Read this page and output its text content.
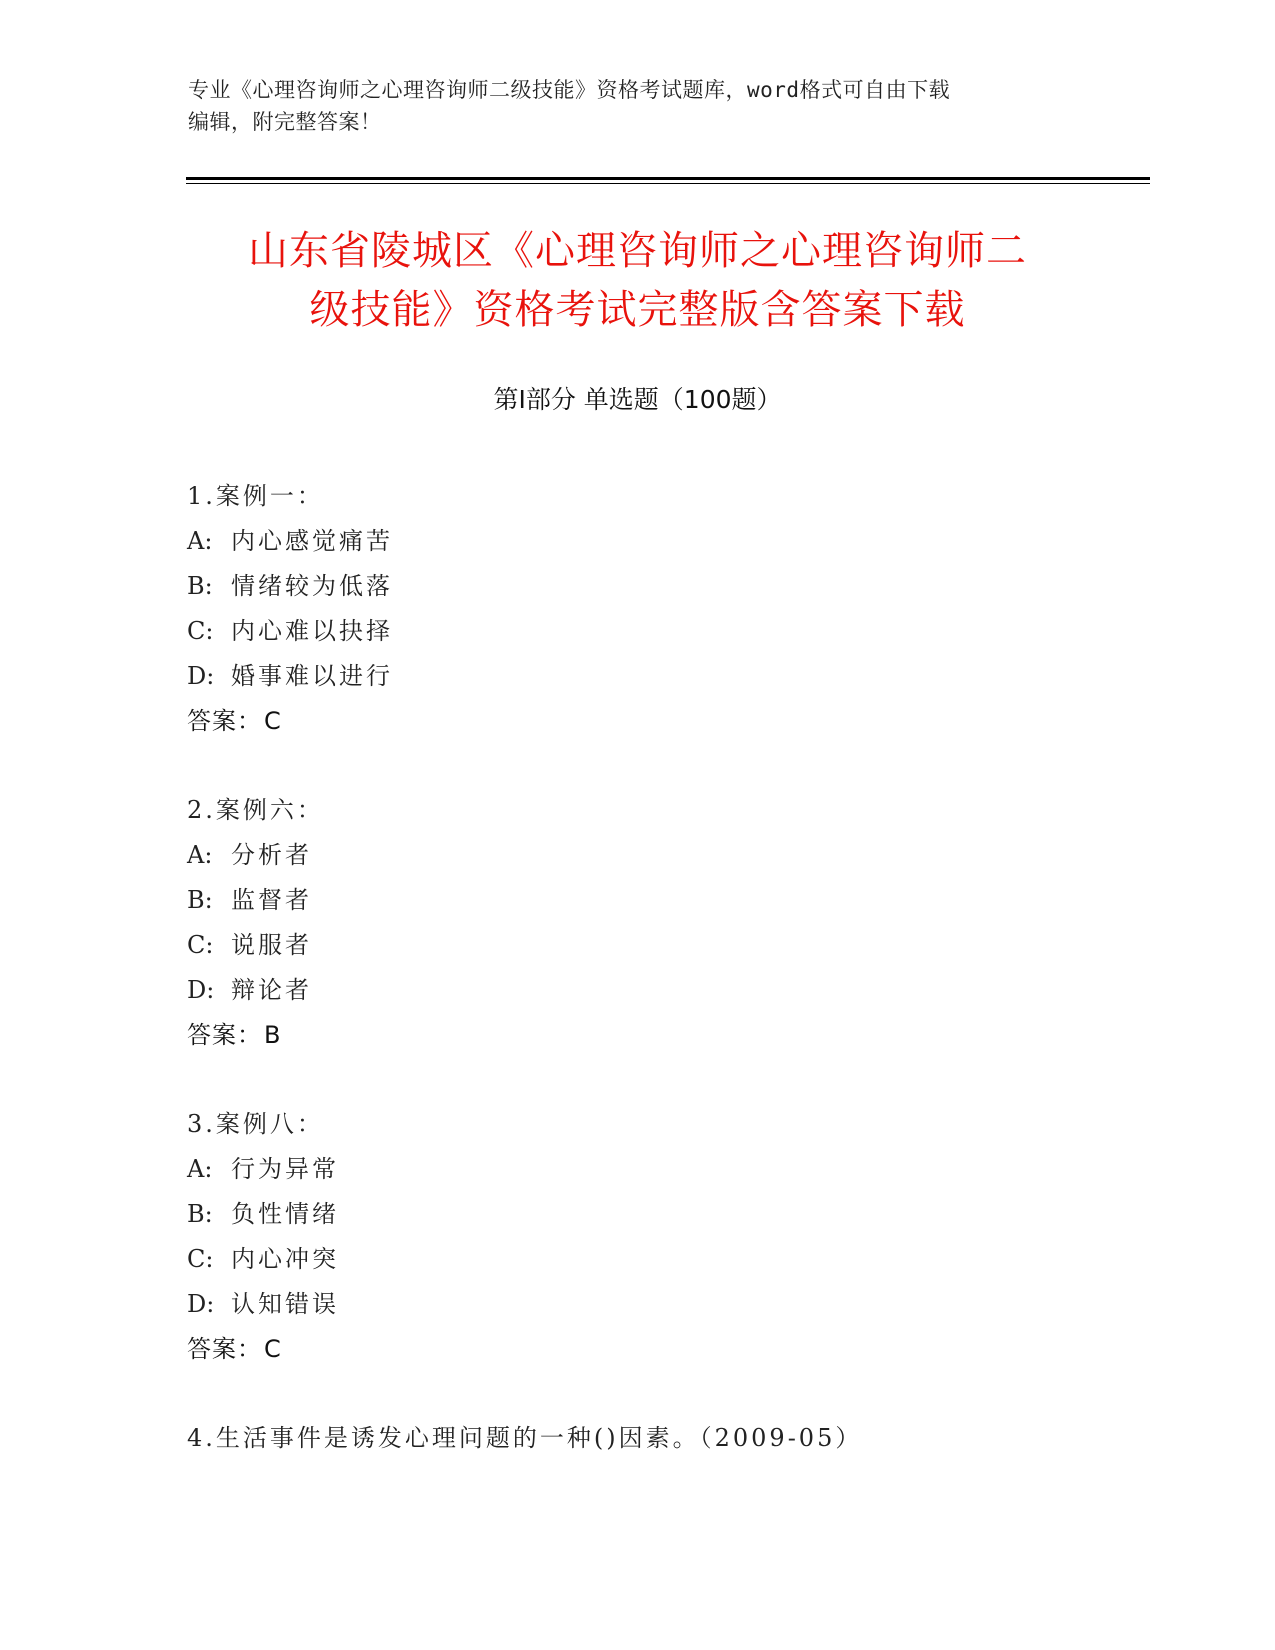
专业《心理咨询师之心理咨询师二级技能》资格考试题库，word格式可自由下载
编辑，附完整答案！
山东省陵城区《心理咨询师之心理咨询师二
级技能》资格考试完整版含答案下载
第Ⅰ部分 单选题（100题）
1.案例一：
A: 内心感觉痛苦
B: 情绪较为低落
C: 内心难以抉择
D: 婚事难以进行
答案：C
2.案例六：
A: 分析者
B: 监督者
C: 说服者
D: 辩论者
答案：B
3.案例八：
A: 行为异常
B: 负性情绪
C: 内心冲突
D: 认知错误
答案：C
4.生活事件是诱发心理问题的一种()因素。（2009-05）
